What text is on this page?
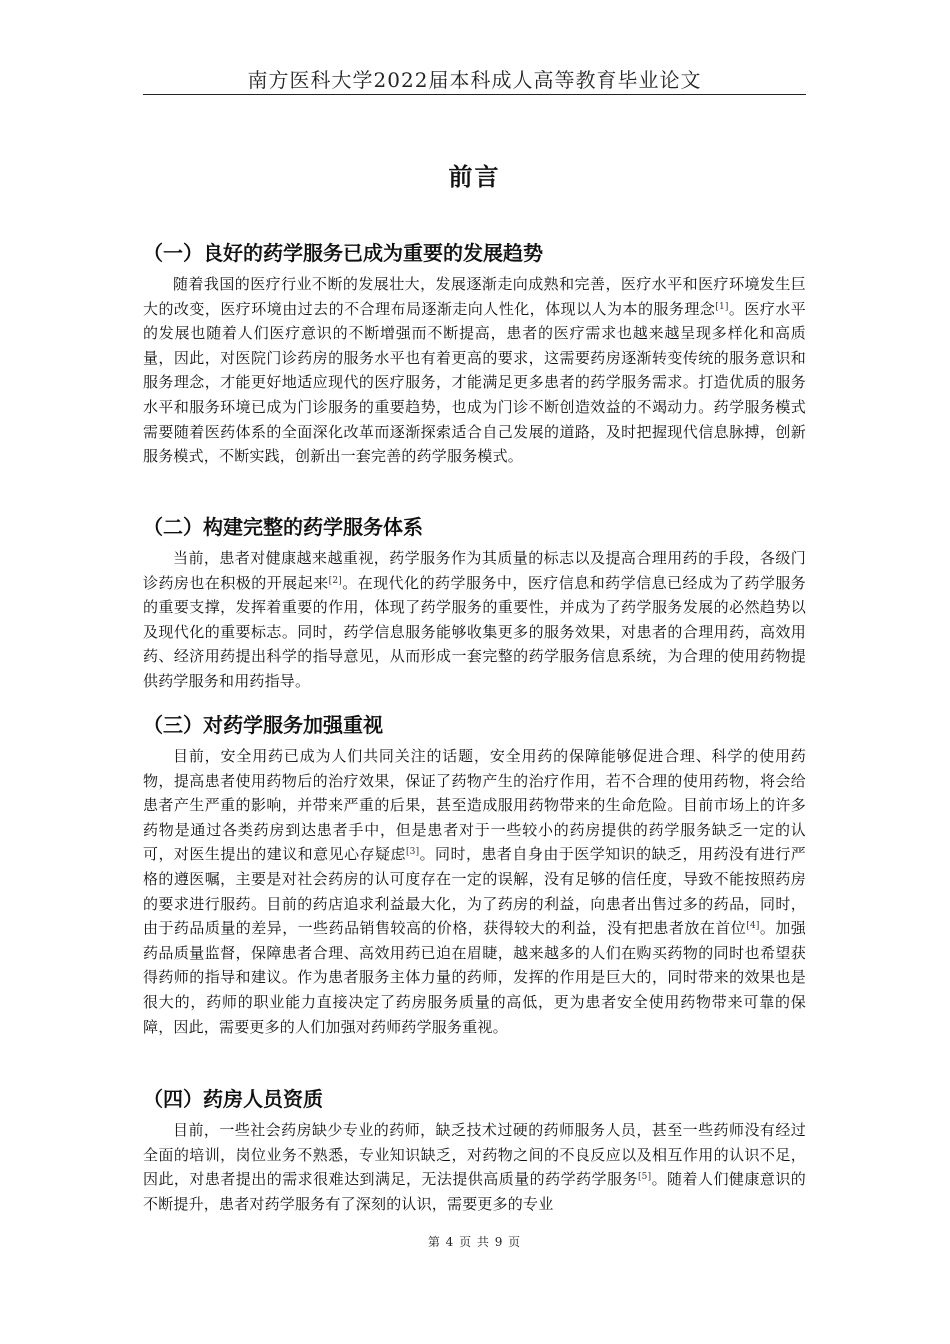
南方医科大学2022届本科成人高等教育毕业论文
前言
（一）良好的药学服务已成为重要的发展趋势

随着我国的医疗行业不断的发展壮大，发展逐渐走向成熟和完善，医疗水平和医疗环境发生巨大的改变，医疗环境由过去的不合理布局逐渐走向人性化，体现以人为本的服务理念[1]。医疗水平的发展也随着人们医疗意识的不断增强而不断提高，患者的医疗需求也越来越呈现多样化和高质量，因此，对医院门诊药房的服务水平也有着更高的要求，这需要药房逐渐转变传统的服务意识和服务理念，才能更好地适应现代的医疗服务，才能满足更多患者的药学服务需求。打造优质的服务水平和服务环境已成为门诊服务的重要趋势，也成为门诊不断创造效益的不竭动力。药学服务模式需要随着医药体系的全面深化改革而逐渐探索适合自己发展的道路，及时把握现代信息脉搏，创新服务模式，不断实践，创新出一套完善的药学服务模式。

（二）构建完整的药学服务体系

当前，患者对健康越来越重视，药学服务作为其质量的标志以及提高合理用药的手段，各级门诊药房也在积极的开展起来[2]。在现代化的药学服务中，医疗信息和药学信息已经成为了药学服务的重要支撑，发挥着重要的作用，体现了药学服务的重要性，并成为了药学服务发展的必然趋势以及现代化的重要标志。同时，药学信息服务能够收集更多的服务效果，对患者的合理用药，高效用药、经济用药提出科学的指导意见，从而形成一套完整的药学服务信息系统，为合理的使用药物提供药学服务和用药指导。

（三）对药学服务加强重视

目前，安全用药已成为人们共同关注的话题，安全用药的保障能够促进合理、科学的使用药物，提高患者使用药物后的治疗效果，保证了药物产生的治疗作用，若不合理的使用药物，将会给患者产生严重的影响，并带来严重的后果，甚至造成服用药物带来的生命危险。目前市场上的许多药物是通过各类药房到达患者手中，但是患者对于一些较小的药房提供的药学服务缺乏一定的认可，对医生提出的建议和意见心存疑虑[3]。同时，患者自身由于医学知识的缺乏，用药没有进行严格的遵医嘱，主要是对社会药房的认可度存在一定的误解，没有足够的信任度，导致不能按照药房的要求进行服药。目前的药店追求利益最大化，为了药房的利益，向患者出售过多的药品，同时，由于药品质量的差异，一些药品销售较高的价格，获得较大的利益，没有把患者放在首位[4]。加强药品质量监督，保障患者合理、高效用药已迫在眉睫，越来越多的人们在购买药物的同时也希望获得药师的指导和建议。作为患者服务主体力量的药师，发挥的作用是巨大的，同时带来的效果也是很大的，药师的职业能力直接决定了药房服务质量的高低，更为患者安全使用药物带来可靠的保障，因此，需要更多的人们加强对药师药学服务重视。

（四）药房人员资质

目前，一些社会药房缺少专业的药师，缺乏技术过硬的药师服务人员，甚至一些药师没有经过全面的培训，岗位业务不熟悉，专业知识缺乏，对药物之间的不良反应以及相互作用的认识不足，因此，对患者提出的需求很难达到满足，无法提供高质量的药学药学服务[5]。随着人们健康意识的不断提升，患者对药学服务有了深刻的认识，需要更多的专业

第 4 页 共 9 页
